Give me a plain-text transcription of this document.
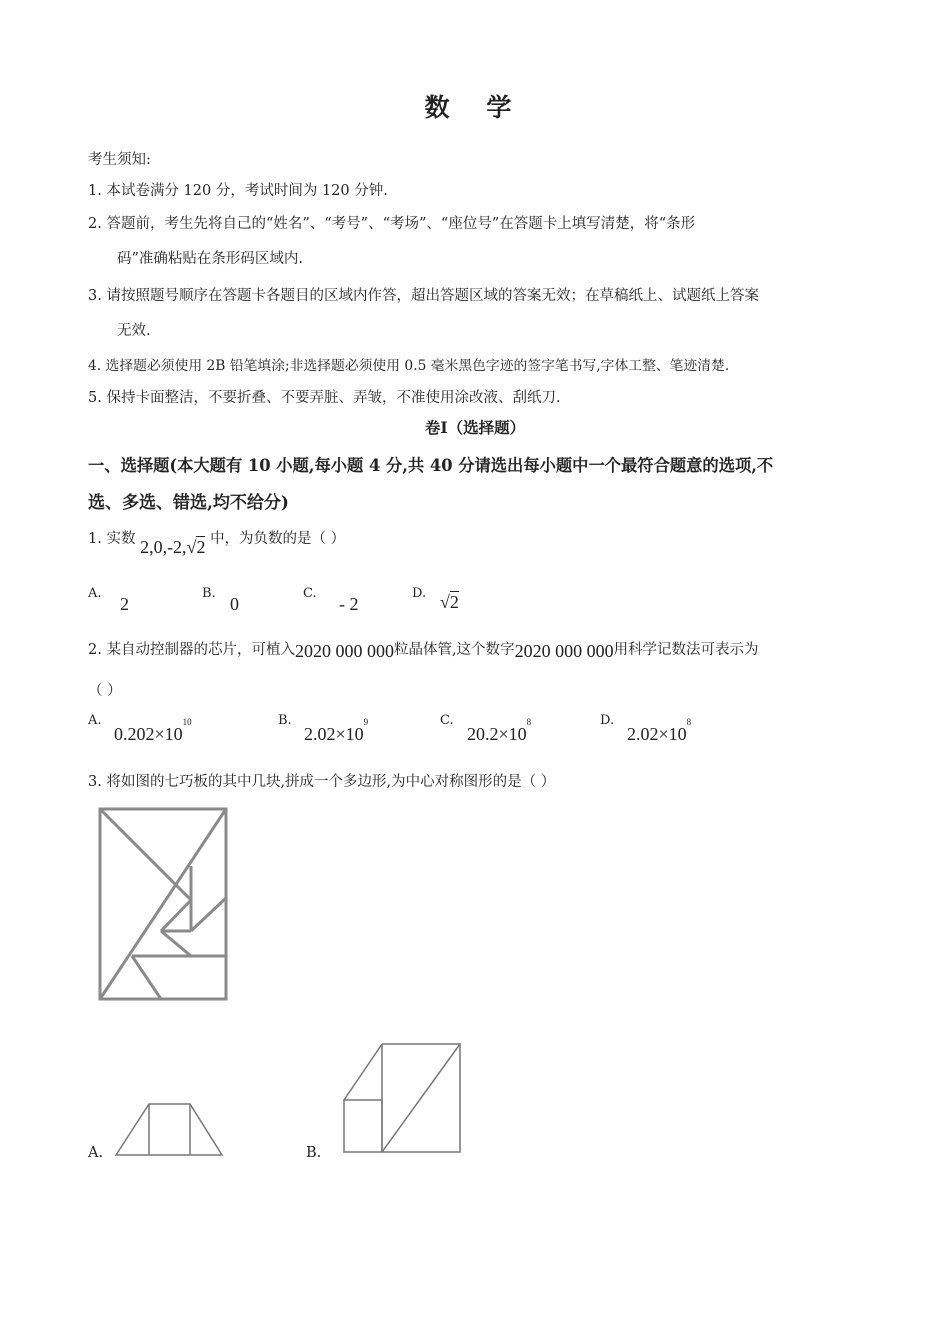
数 学
考生须知:
1. 本试卷满分 120 分，考试时间为 120 分钟.
2. 答题前，考生先将自己的“姓名”、“考号”、“考场”、“座位号”在答题卡上填写清楚，将“条形
码”准确粘贴在条形码区域内.
3. 请按照题号顺序在答题卡各题目的区域内作答，超出答题区域的答案无效；在草稿纸上、试题纸上答案
无效.
4. 选择题必须使用 2B 铅笔填涂;非选择题必须使用 0.5 毫米黑色字迹的签字笔书写,字体工整、笔迹清楚.
5. 保持卡面整洁，不要折叠、不要弄脏、弄皱，不准使用涂改液、刮纸刀.
卷Ⅰ（选择题）
一、选择题(本大题有 10 小题,每小题 4 分,共 40 分请选出每小题中一个最符合题意的选项,不
选、多选、错选,均不给分)
1. 实数 2,0,-2,√2 中，为负数的是（ ）
A.
2
B.
0
C.
- 2
D. √2
2. 某自动控制器的芯片，可植入2020 000 000粒晶体管,这个数字2020 000 000用科学记数法可表示为
（ ）
A.
$0.202\times 10^{10}$	B.
$2.02\times 10^9$	C.
$20.2\times 10^8$	D.
$2.02\times 10^8$
3. 将如图的七巧板的其中几块,拼成一个多边形,为中心对称图形的是（ ）
A.	B.
